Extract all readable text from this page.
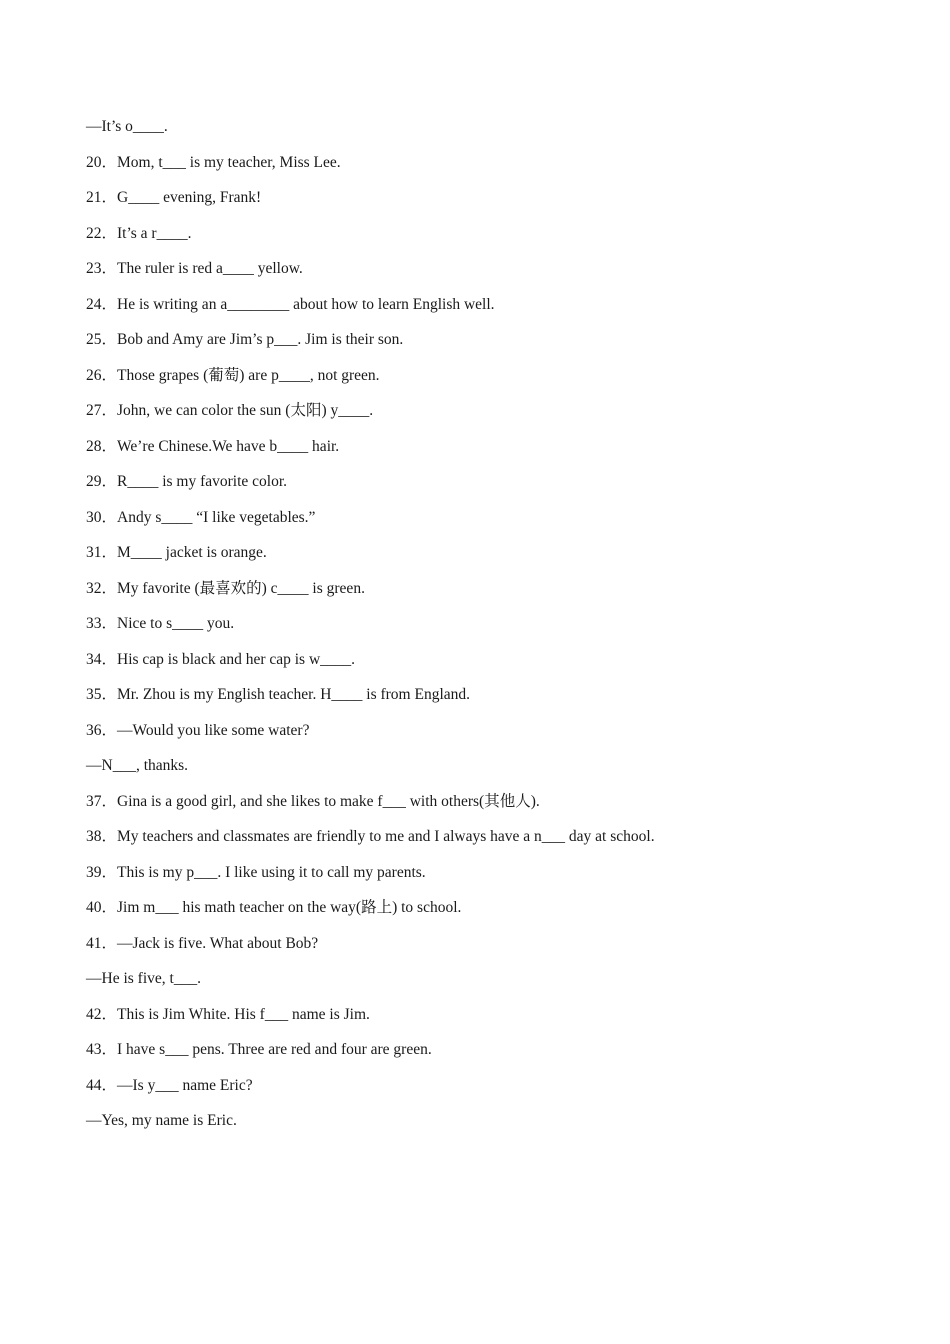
—It’s o____.
20．Mom, t___ is my teacher, Miss Lee.
21．G____ evening, Frank!
22．It’s a r____.
23．The ruler is red a____ yellow.
24．He is writing an a________ about how to learn English well.
25．Bob and Amy are Jim’s p___. Jim is their son.
26．Those grapes (葡萄) are p____, not green.
27．John, we can color the sun (太阳) y____.
28．We’re Chinese.We have b____ hair.
29．R____ is my favorite color.
30．Andy s____ “I like vegetables.”
31．M____ jacket is orange.
32．My favorite (最喜欢的) c____ is green.
33．Nice to s____ you.
34．His cap is black and her cap is w____.
35．Mr. Zhou is my English teacher. H____ is from England.
36．—Would you like some water?
—N___, thanks.
37．Gina is a good girl, and she likes to make f___ with others(其他人).
38．My teachers and classmates are friendly to me and I always have a n___ day at school.
39．This is my p___. I like using it to call my parents.
40．Jim m___ his math teacher on the way(路上) to school.
41．—Jack is five. What about Bob?
—He is five, t___.
42．This is Jim White. His f___ name is Jim.
43．I have s___ pens. Three are red and four are green.
44．—Is y___ name Eric?
—Yes, my name is Eric.
